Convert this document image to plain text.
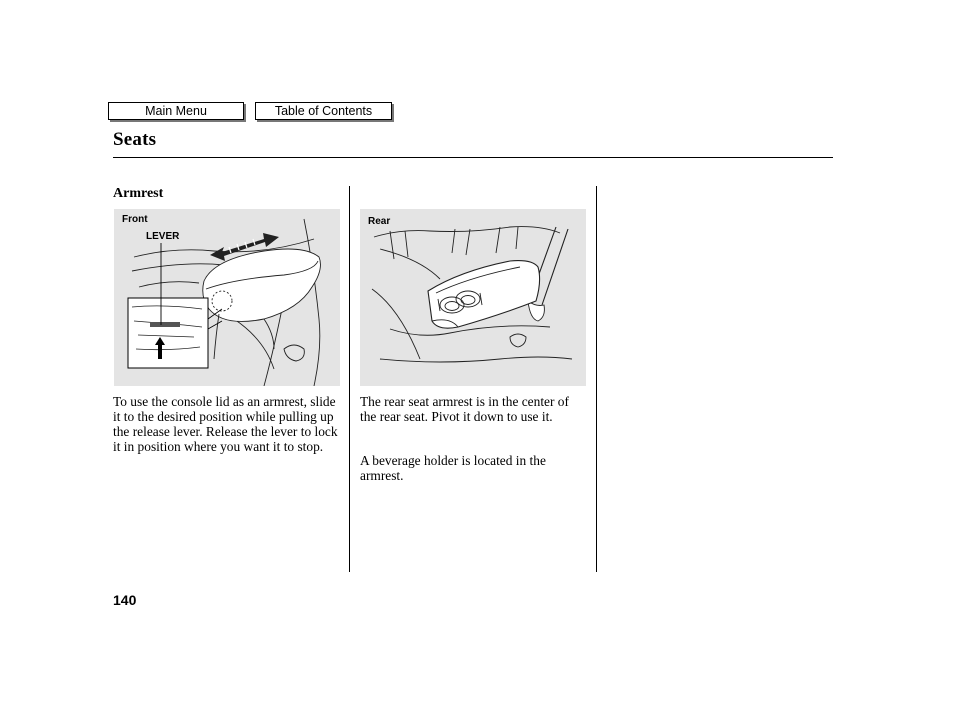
Main Menu	Table of Contents
Seats
Armrest
Front
LEVER
Rear
To use the console lid as an armrest, slide it to the desired position while pulling up the release lever. Release the lever to lock it in position where you want it to stop.
The rear seat armrest is in the center of the rear seat. Pivot it down to use it.
A beverage holder is located in the armrest.
140
